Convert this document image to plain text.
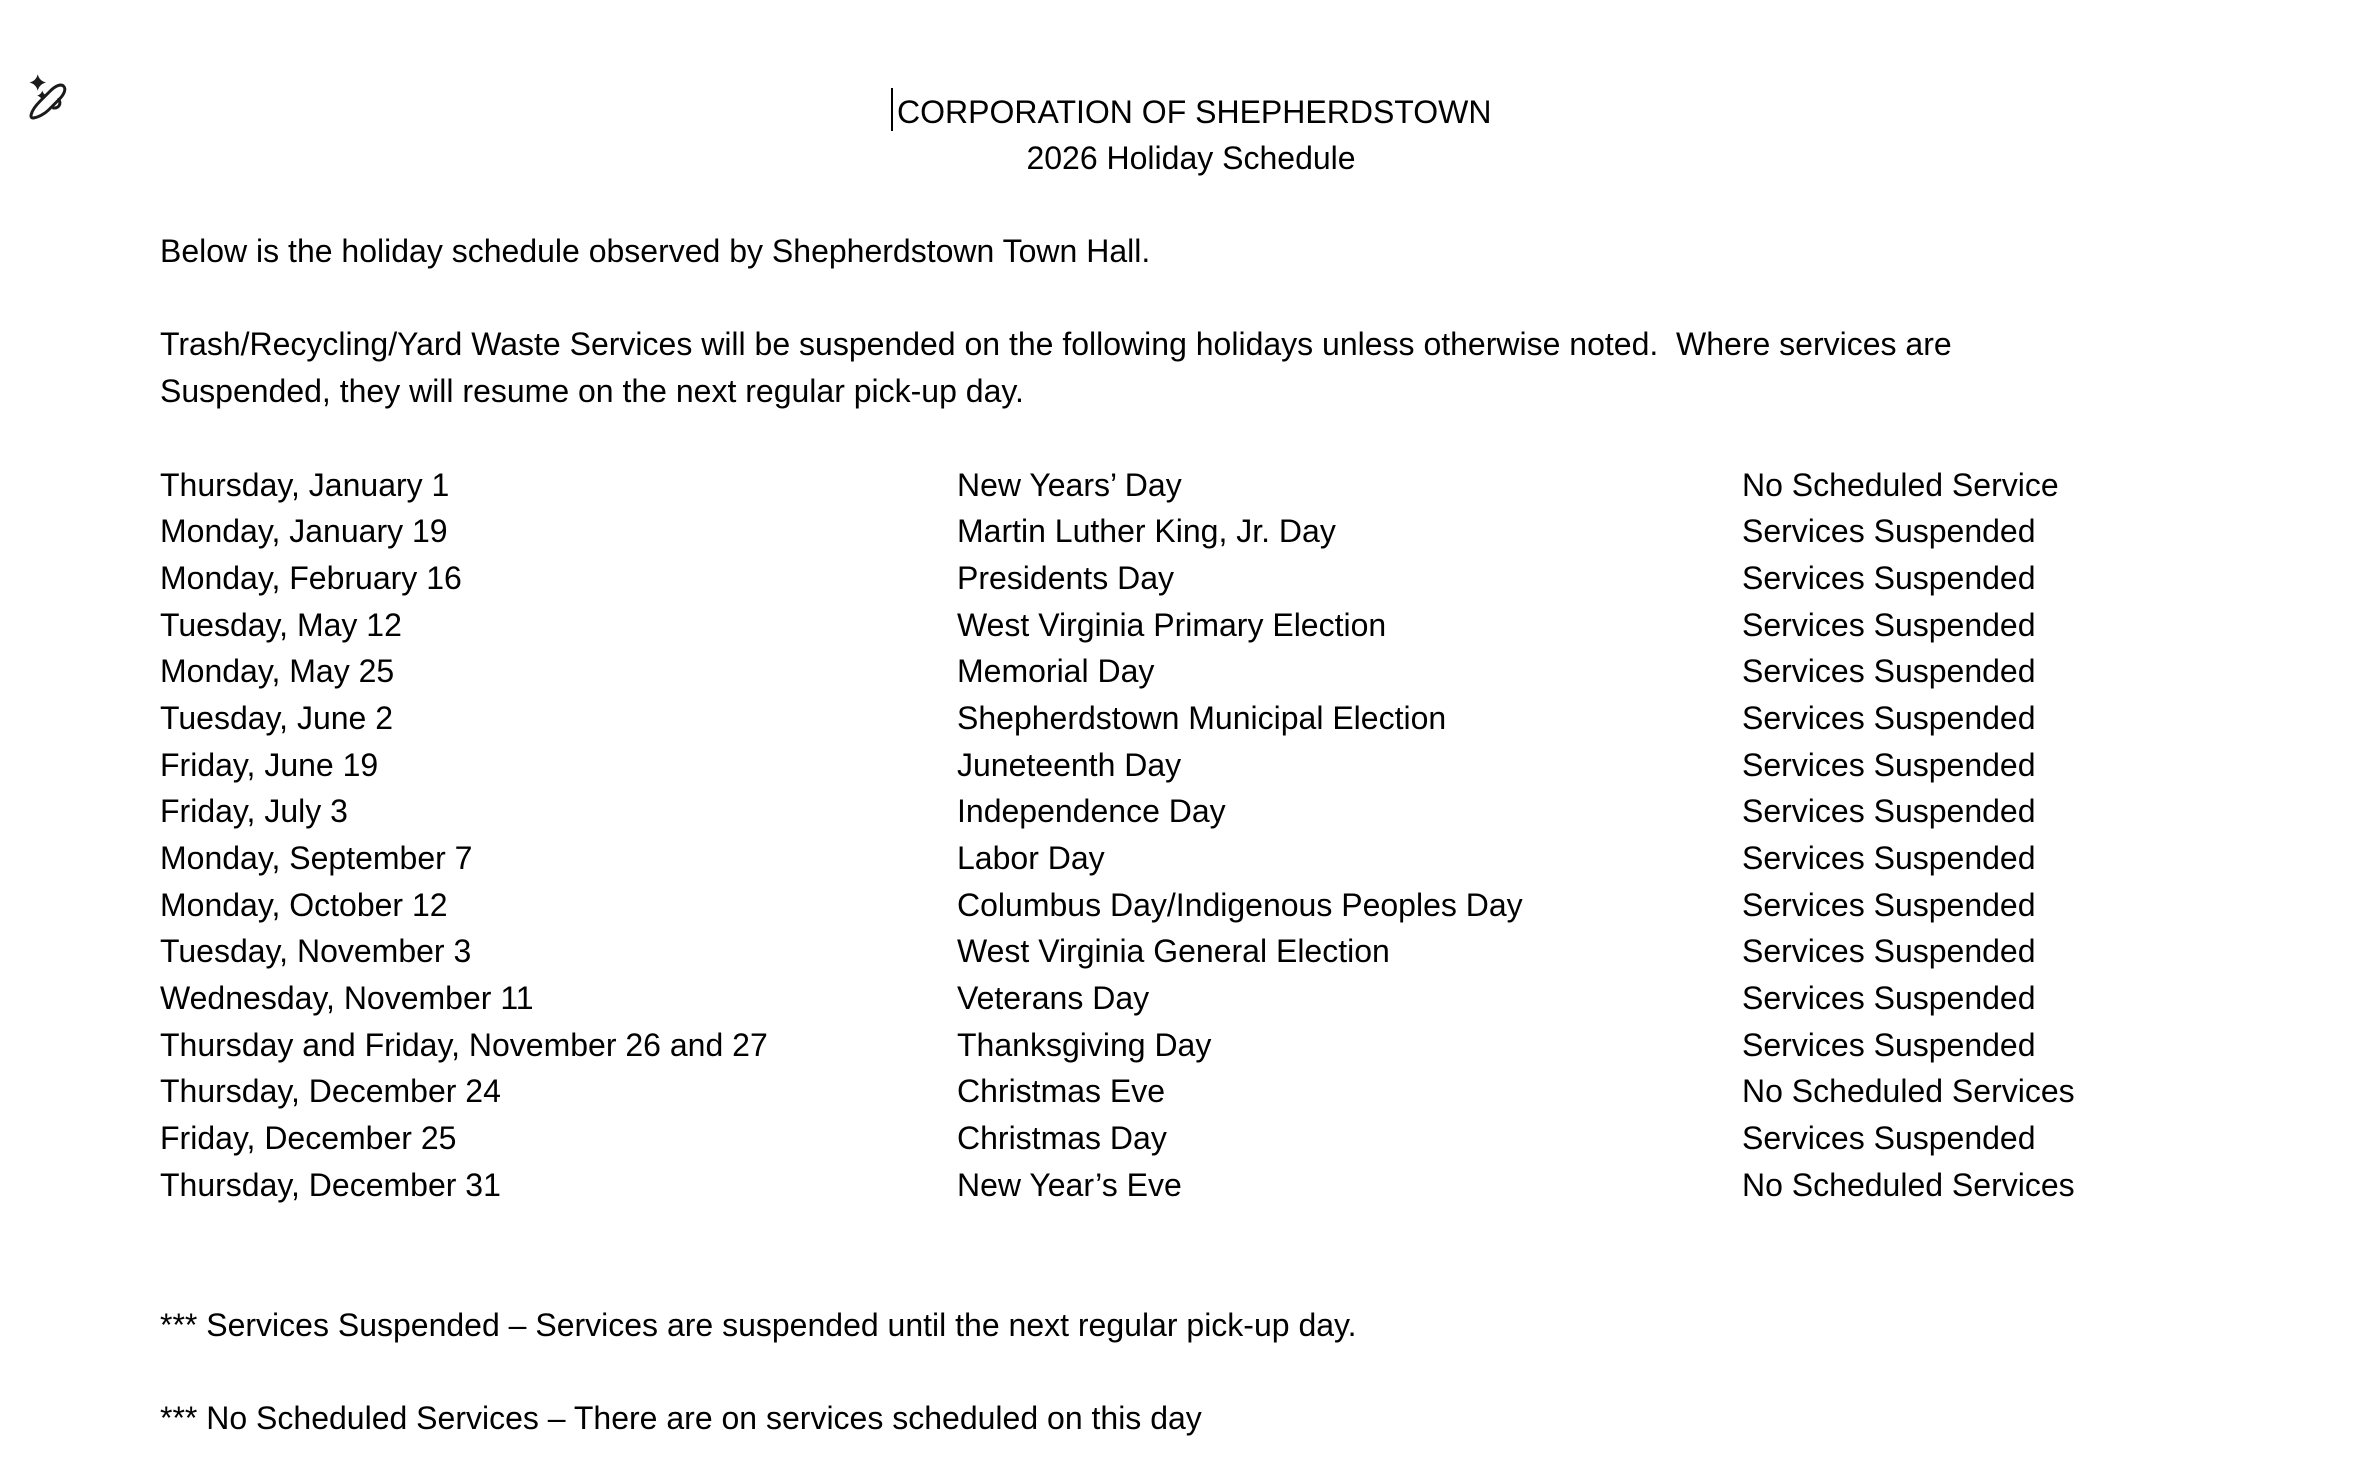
CORPORATION OF SHEPHERDSTOWN
2026 Holiday Schedule
Below is the holiday schedule observed by Shepherdstown Town Hall.
Trash/Recycling/Yard Waste Services will be suspended on the following holidays unless otherwise noted.  Where services are
Suspended, they will resume on the next regular pick-up day.
Thursday, January 1	New Years’ Day	No Scheduled Service
Monday, January 19	Martin Luther King, Jr. Day	Services Suspended
Monday, February 16	Presidents Day	Services Suspended
Tuesday, May 12	West Virginia Primary Election	Services Suspended
Monday, May 25	Memorial Day	Services Suspended
Tuesday, June 2	Shepherdstown Municipal Election	Services Suspended
Friday, June 19	Juneteenth Day	Services Suspended
Friday, July 3	Independence Day	Services Suspended
Monday, September 7	Labor Day	Services Suspended
Monday, October 12	Columbus Day/Indigenous Peoples Day	Services Suspended
Tuesday, November 3	West Virginia General Election	Services Suspended
Wednesday, November 11	Veterans Day	Services Suspended
Thursday and Friday, November 26 and 27	Thanksgiving Day	Services Suspended
Thursday, December 24	Christmas Eve	No Scheduled Services
Friday, December 25	Christmas Day	Services Suspended
Thursday, December 31	New Year’s Eve	No Scheduled Services
*** Services Suspended – Services are suspended until the next regular pick-up day.
*** No Scheduled Services – There are on services scheduled on this day
